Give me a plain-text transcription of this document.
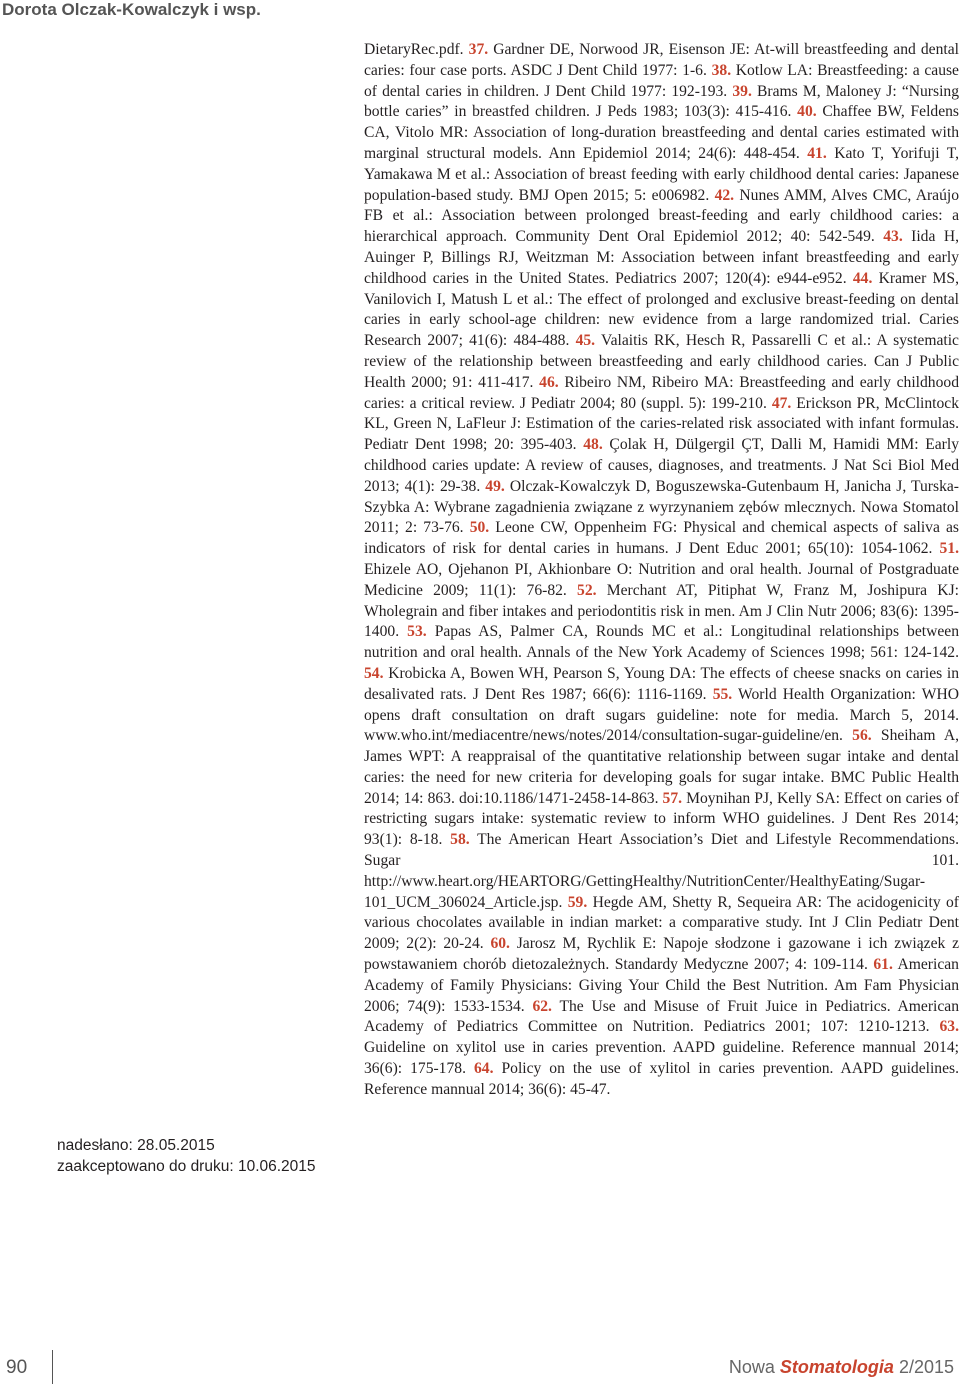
Dorota Olczak-Kowalczyk i wsp.
nadesłano: 28.05.2015
zaakceptowano do druku: 10.06.2015
DietaryRec.pdf. 37. Gardner DE, Norwood JR, Eisenson JE: At-will breastfeeding and dental caries: four case ports. ASDC J Dent Child 1977: 1-6. 38. Kotlow LA: Breastfeeding: a cause of dental caries in children. J Dent Child 1977: 192-193. 39. Brams M, Maloney J: “Nursing bottle caries” in breastfed children. J Peds 1983; 103(3): 415-416. 40. Chaffee BW, Feldens CA, Vitolo MR: Association of long-duration breastfeeding and dental caries estimated with marginal structural models. Ann Epidemiol 2014; 24(6): 448-454. 41. Kato T, Yorifuji T, Yamakawa M et al.: Association of breast feeding with early childhood dental caries: Japanese population-based study. BMJ Open 2015; 5: e006982. 42. Nunes AMM, Alves CMC, Araújo FB et al.: Association between prolonged breast-feeding and early childhood caries: a hierarchical approach. Community Dent Oral Epidemiol 2012; 40: 542-549. 43. Iida H, Auinger P, Billings RJ, Weitzman M: Association between infant breastfeeding and early childhood caries in the United States. Pediatrics 2007; 120(4): e944-e952. 44. Kramer MS, Vanilovich I, Matush L et al.: The effect of prolonged and exclusive breast-feeding on dental caries in early school-age children: new evidence from a large randomized trial. Caries Research 2007; 41(6): 484-488. 45. Valaitis RK, Hesch R, Passarelli C et al.: A systematic review of the relationship between breastfeeding and early childhood caries. Can J Public Health 2000; 91: 411-417. 46. Ribeiro NM, Ribeiro MA: Breastfeeding and early childhood caries: a critical review. J Pediatr 2004; 80 (suppl. 5): 199-210. 47. Erickson PR, McClintock KL, Green N, LaFleur J: Estimation of the caries-related risk associated with infant formulas. Pediatr Dent 1998; 20: 395-403. 48. Çolak H, Dülgergil ÇT, Dalli M, Hamidi MM: Early childhood caries update: A review of causes, diagnoses, and treatments. J Nat Sci Biol Med 2013; 4(1): 29-38. 49. Olczak-Kowalczyk D, Boguszewska-Gutenbaum H, Janicha J, Turska-Szybka A: Wybrane zagadnienia związane z wyrzynaniem zębów mlecznych. Nowa Stomatol 2011; 2: 73-76. 50. Leone CW, Oppenheim FG: Physical and chemical aspects of saliva as indicators of risk for dental caries in humans. J Dent Educ 2001; 65(10): 1054-1062. 51. Ehizele AO, Ojehanon PI, Akhionbare O: Nutrition and oral health. Journal of Postgraduate Medicine 2009; 11(1): 76-82. 52. Merchant AT, Pitiphat W, Franz M, Joshipura KJ: Wholegrain and fiber intakes and periodontitis risk in men. Am J Clin Nutr 2006; 83(6): 1395-1400. 53. Papas AS, Palmer CA, Rounds MC et al.: Longitudinal relationships between nutrition and oral health. Annals of the New York Academy of Sciences 1998; 561: 124-142. 54. Krobicka A, Bowen WH, Pearson S, Young DA: The effects of cheese snacks on caries in desalivated rats. J Dent Res 1987; 66(6): 1116-1169. 55. World Health Organization: WHO opens draft consultation on draft sugars guideline: note for media. March 5, 2014. www.who.int/mediacentre/news/notes/2014/consultation-sugar-guideline/en. 56. Sheiham A, James WPT: A reappraisal of the quantitative relationship between sugar intake and dental caries: the need for new criteria for developing goals for sugar intake. BMC Public Health 2014; 14: 863. doi:10.1186/1471-2458-14-863. 57. Moynihan PJ, Kelly SA: Effect on caries of restricting sugars intake: systematic review to inform WHO guidelines. J Dent Res 2014; 93(1): 8-18. 58. The American Heart Association’s Diet and Lifestyle Recommendations. Sugar 101. http://www.heart.org/HEARTORG/GettingHealthy/NutritionCenter/HealthyEating/Sugar-101_UCM_306024_Article.jsp. 59. Hegde AM, Shetty R, Sequeira AR: The acidogenicity of various chocolates available in indian market: a comparative study. Int J Clin Pediatr Dent 2009; 2(2): 20-24. 60. Jarosz M, Rychlik E: Napoje słodzone i gazowane i ich związek z powstawaniem chorób dietozależnych. Standardy Medyczne 2007; 4: 109-114. 61. American Academy of Family Physicians: Giving Your Child the Best Nutrition. Am Fam Physician 2006; 74(9): 1533-1534. 62. The Use and Misuse of Fruit Juice in Pediatrics. American Academy of Pediatrics Committee on Nutrition. Pediatrics 2001; 107: 1210-1213. 63. Guideline on xylitol use in caries prevention. AAPD guideline. Reference mannual 2014; 36(6): 175-178. 64. Policy on the use of xylitol in caries prevention. AAPD guidelines. Reference mannual 2014; 36(6): 45-47.
90	Nowa Stomatologia 2/2015
